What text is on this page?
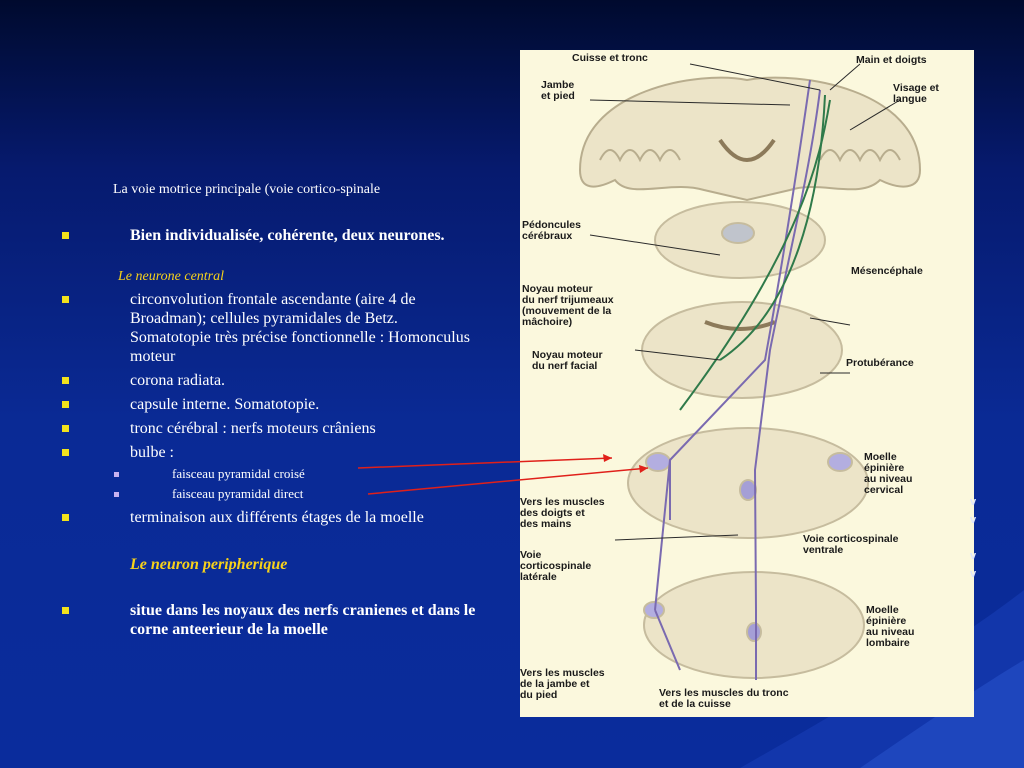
La voie motrice principale (voie cortico-spinale
Bien individualisée, cohérente, deux neurones.
Le neurone central
circonvolution frontale ascendante (aire 4 de Broadman); cellules pyramidales de Betz. Somatotopie très précise fonctionnelle : Homonculus moteur
corona radiata.
capsule interne. Somatotopie.
tronc cérébral : nerfs moteurs crâniens
bulbe :
faisceau pyramidal croisé
faisceau pyramidal direct
terminaison aux différents étages de la moelle
Le neuron peripherique
situe dans les noyaux des nerfs cranienes et dans le corne anteerieur de la moelle
Cuisse et tronc	Main et doigts
Jambe
et pied
Visage et
langue
Pédoncules
cérébraux
Mésencéphale
Noyau moteur
du nerf trijumeaux
(mouvement de la
mâchoire)
Noyau moteur
du nerf facial	Protubérance
Moelle
épinière
au niveau
cervical
Vers les muscles
des doigts et
des mains
Voie corticospinale
ventrale
Voie
corticospinale
latérale
Moelle
épinière
au niveau
lombaire
Vers les muscles
de la jambe et
du pied	Vers les muscles du tronc
et de la cuisse
v
v
v
v
